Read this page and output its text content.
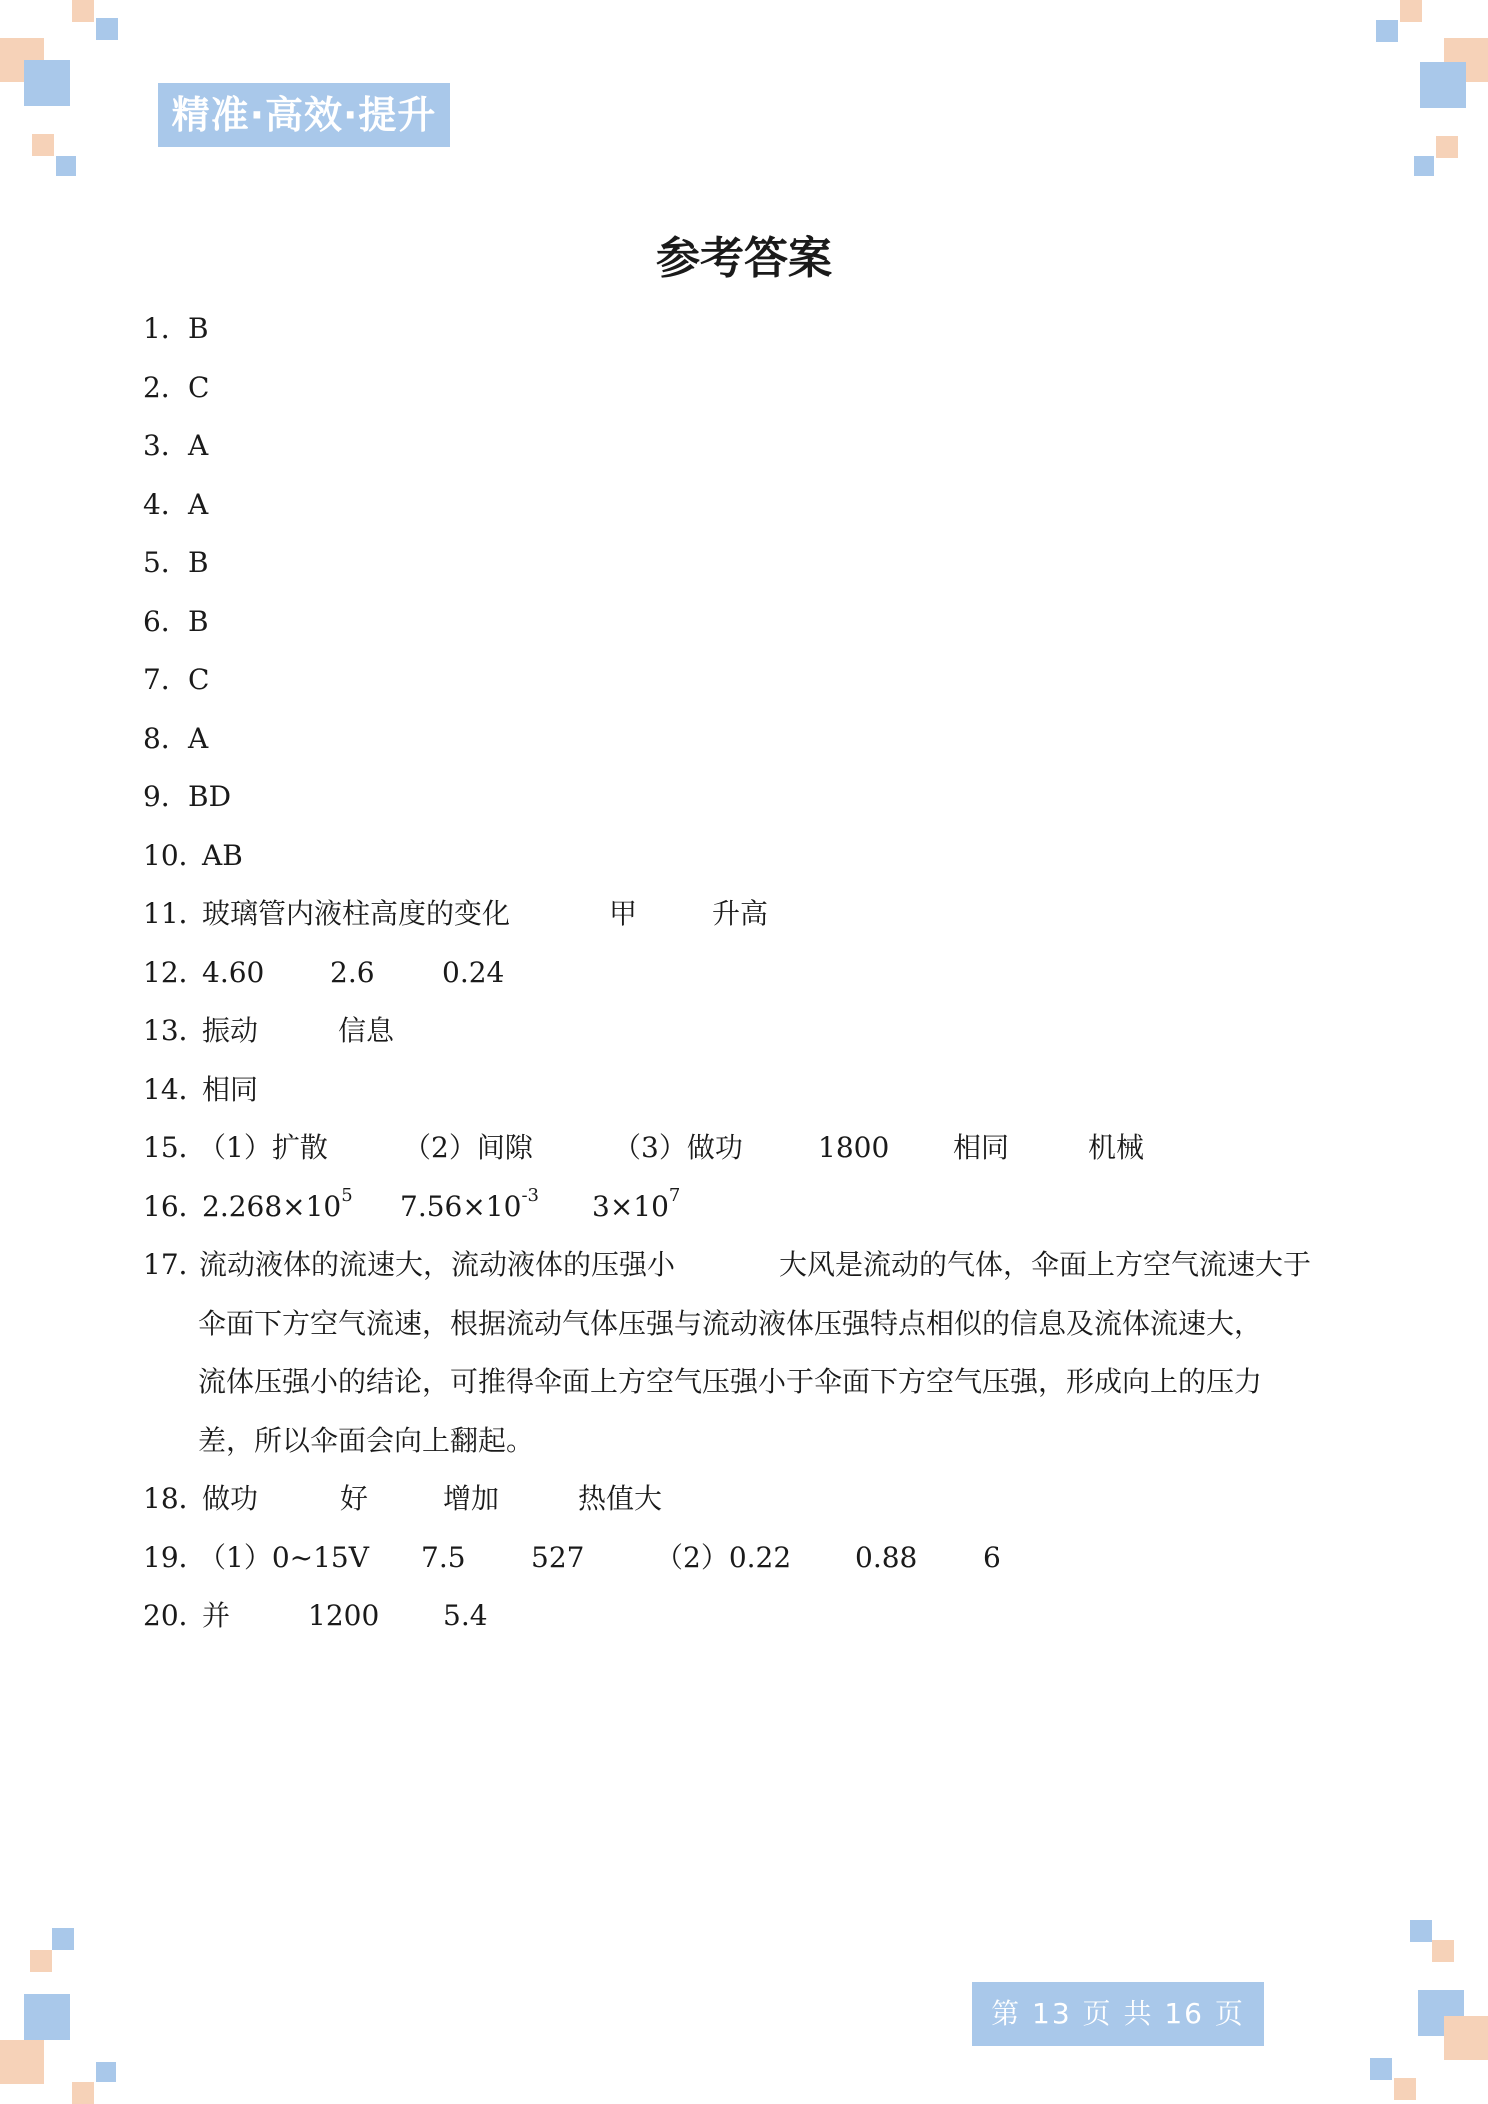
精准·高效·提升
参考答案
1． B
2． C
3． A
4． A
5． B
6． B
7． C
8． A
9． BD
10．
AB
11．
玻璃管内液柱高度的变化	甲	升高
12．
4.60 2.6 0.24
13．
振动	信息
14．
相同
15．
（1）扩散	（2）间隙	（3）做功	1800 相同	机械
16．
$2.268\times 10^5$ $7.56\times 10^{-3}$ $3\times 10^7$
17．
流动液体的流速大，流动液体的压强小	大风是流动的气体，伞面上方空气流速大于
伞面下方空气流速，根据流动气体压强与流动液体压强特点相似的信息及流体流速大，
流体压强小的结论，可推得伞面上方空气压强小于伞面下方空气压强，形成向上的压力
差，所以伞面会向上翻起。
18．
做功	好	增加	热值大
19．
（1）0~15V 7.5 527	（2）0.22 0.88 6
20．
并	1200 5.4
第 13 页 共 16 页
